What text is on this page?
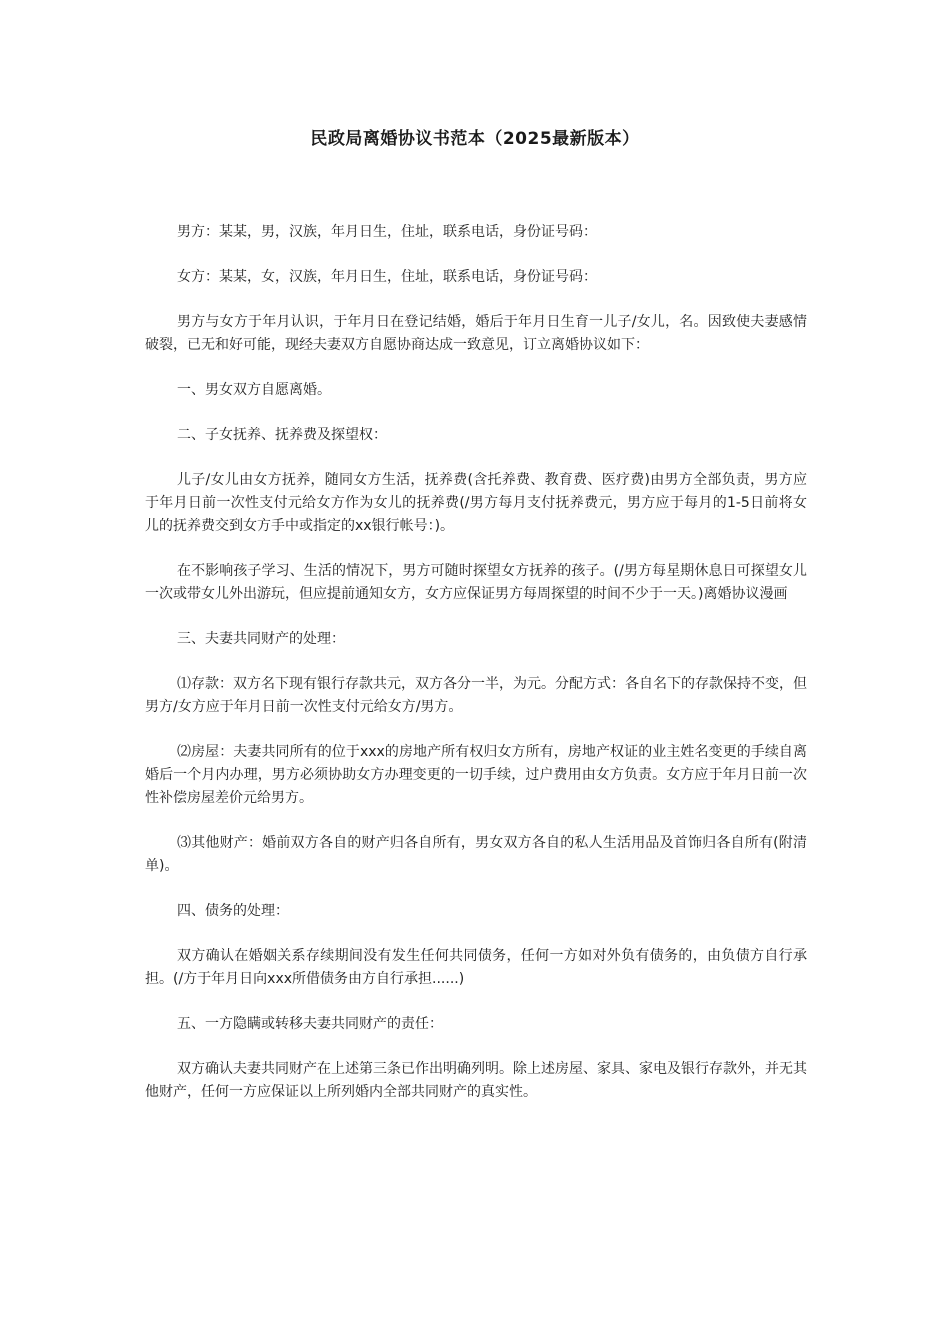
民政局离婚协议书范本（2025最新版本）

男方：某某，男，汉族，年月日生，住址，联系电话，身份证号码：

女方：某某，女，汉族，年月日生，住址，联系电话，身份证号码：

男方与女方于年月认识，于年月日在登记结婚，婚后于年月日生育一儿子/女儿，名。因致使夫妻感情破裂，已无和好可能，现经夫妻双方自愿协商达成一致意见，订立离婚协议如下：

一、男女双方自愿离婚。

二、子女抚养、抚养费及探望权：

儿子/女儿由女方抚养，随同女方生活，抚养费(含托养费、教育费、医疗费)由男方全部负责，男方应于年月日前一次性支付元给女方作为女儿的抚养费(/男方每月支付抚养费元，男方应于每月的1-5日前将女儿的抚养费交到女方手中或指定的xx银行帐号：)。

在不影响孩子学习、生活的情况下，男方可随时探望女方抚养的孩子。(/男方每星期休息日可探望女儿一次或带女儿外出游玩，但应提前通知女方，女方应保证男方每周探望的时间不少于一天。)离婚协议漫画

三、夫妻共同财产的处理：

⑴存款：双方名下现有银行存款共元，双方各分一半，为元。分配方式：各自名下的存款保持不变，但男方/女方应于年月日前一次性支付元给女方/男方。

⑵房屋：夫妻共同所有的位于xxx的房地产所有权归女方所有，房地产权证的业主姓名变更的手续自离婚后一个月内办理，男方必须协助女方办理变更的一切手续，过户费用由女方负责。女方应于年月日前一次性补偿房屋差价元给男方。

⑶其他财产：婚前双方各自的财产归各自所有，男女双方各自的私人生活用品及首饰归各自所有(附清单)。

四、债务的处理：

双方确认在婚姻关系存续期间没有发生任何共同债务，任何一方如对外负有债务的，由负债方自行承担。(/方于年月日向xxx所借债务由方自行承担......)

五、一方隐瞒或转移夫妻共同财产的责任：

双方确认夫妻共同财产在上述第三条已作出明确列明。除上述房屋、家具、家电及银行存款外，并无其他财产，任何一方应保证以上所列婚内全部共同财产的真实性。
